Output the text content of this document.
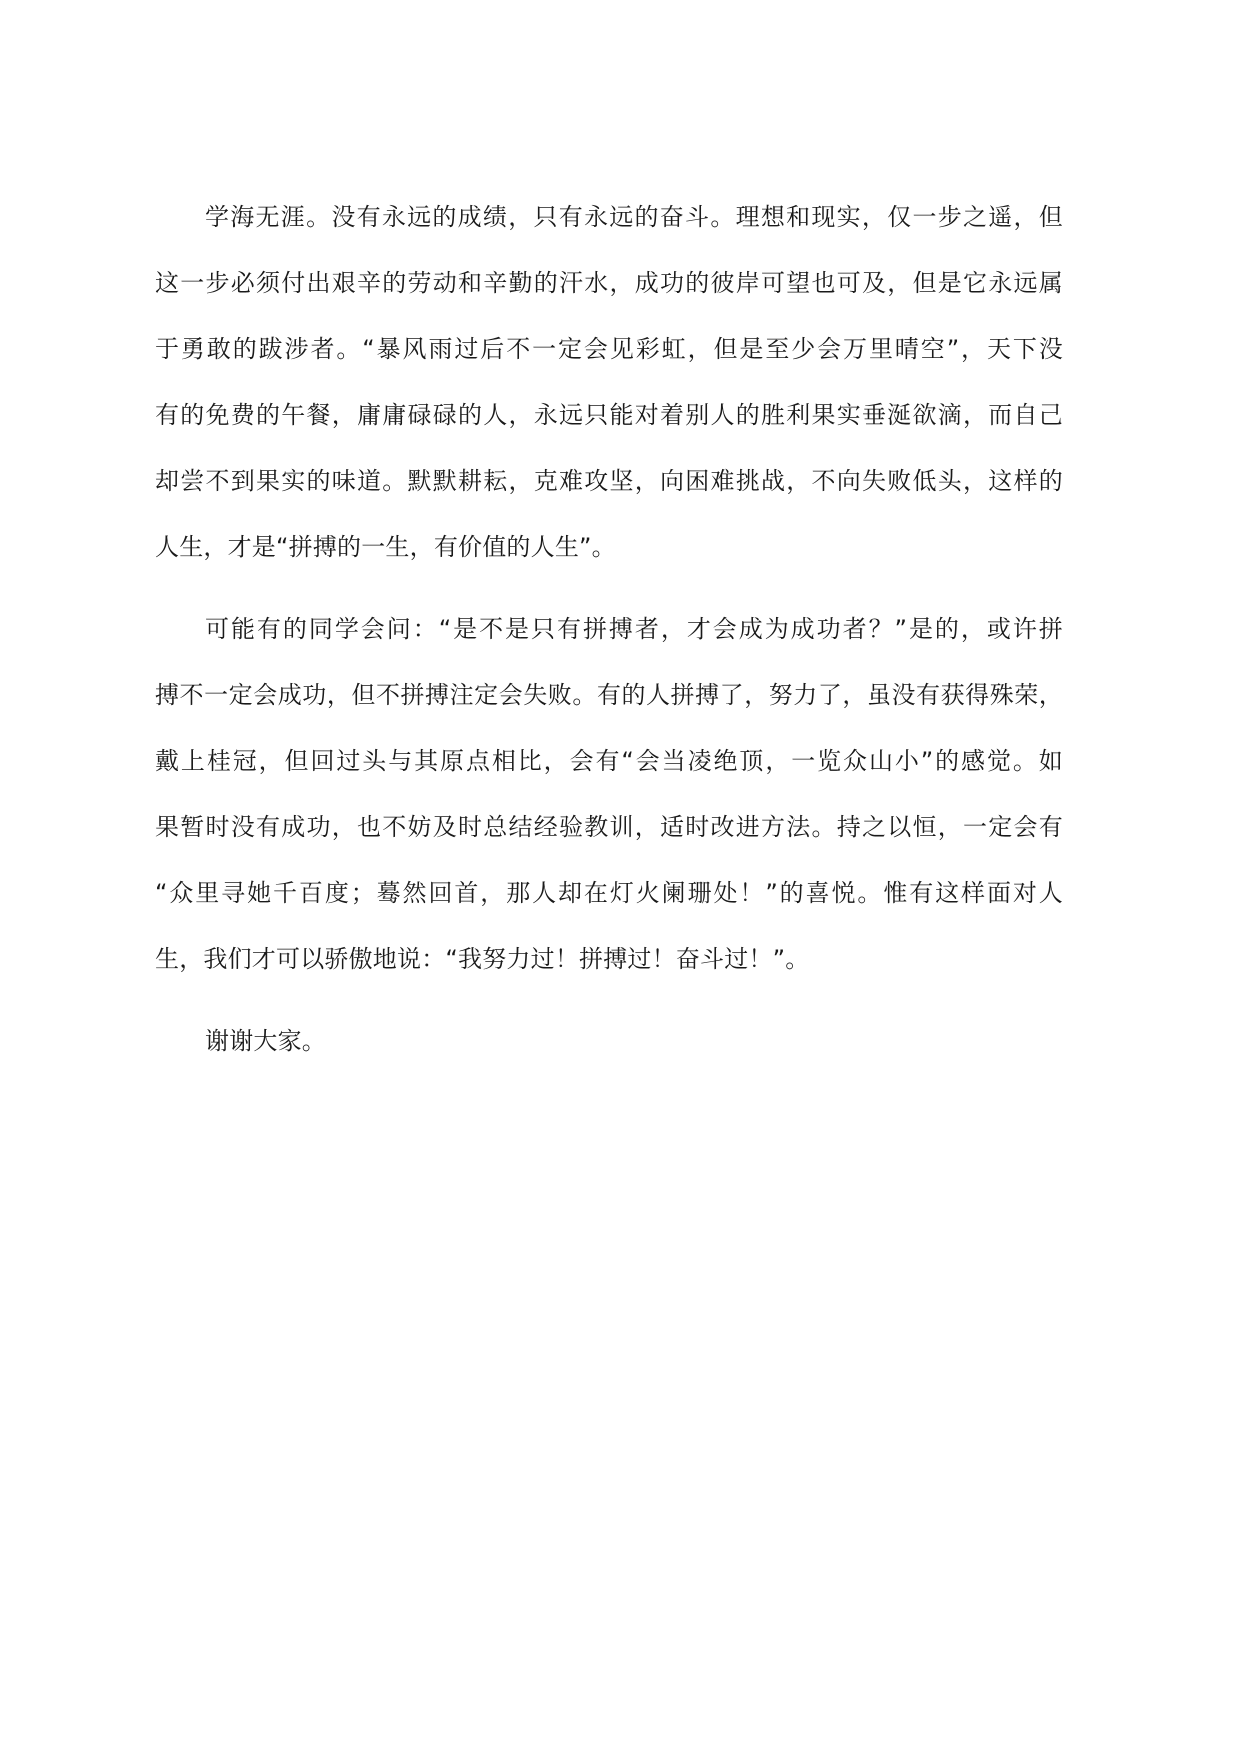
学海无涯。没有永远的成绩，只有永远的奋斗。理想和现实，仅一步之遥，但
这一步必须付出艰辛的劳动和辛勤的汗水，成功的彼岸可望也可及，但是它永远属
于勇敢的跋涉者。“暴风雨过后不一定会见彩虹，但是至少会万里晴空”，天下没
有的免费的午餐，庸庸碌碌的人，永远只能对着别人的胜利果实垂涎欲滴，而自己
却尝不到果实的味道。默默耕耘，克难攻坚，向困难挑战，不向失败低头，这样的
人生，才是“拼搏的一生，有价值的人生”。

可能有的同学会问：“是不是只有拼搏者，才会成为成功者？”是的，或许拼
搏不一定会成功，但不拼搏注定会失败。有的人拼搏了，努力了，虽没有获得殊荣，
戴上桂冠，但回过头与其原点相比，会有“会当凌绝顶，一览众山小”的感觉。如
果暂时没有成功，也不妨及时总结经验教训，适时改进方法。持之以恒，一定会有
“众里寻她千百度；蓦然回首，那人却在灯火阑珊处！”的喜悦。惟有这样面对人
生，我们才可以骄傲地说：“我努力过！拼搏过！奋斗过！”。

谢谢大家。
